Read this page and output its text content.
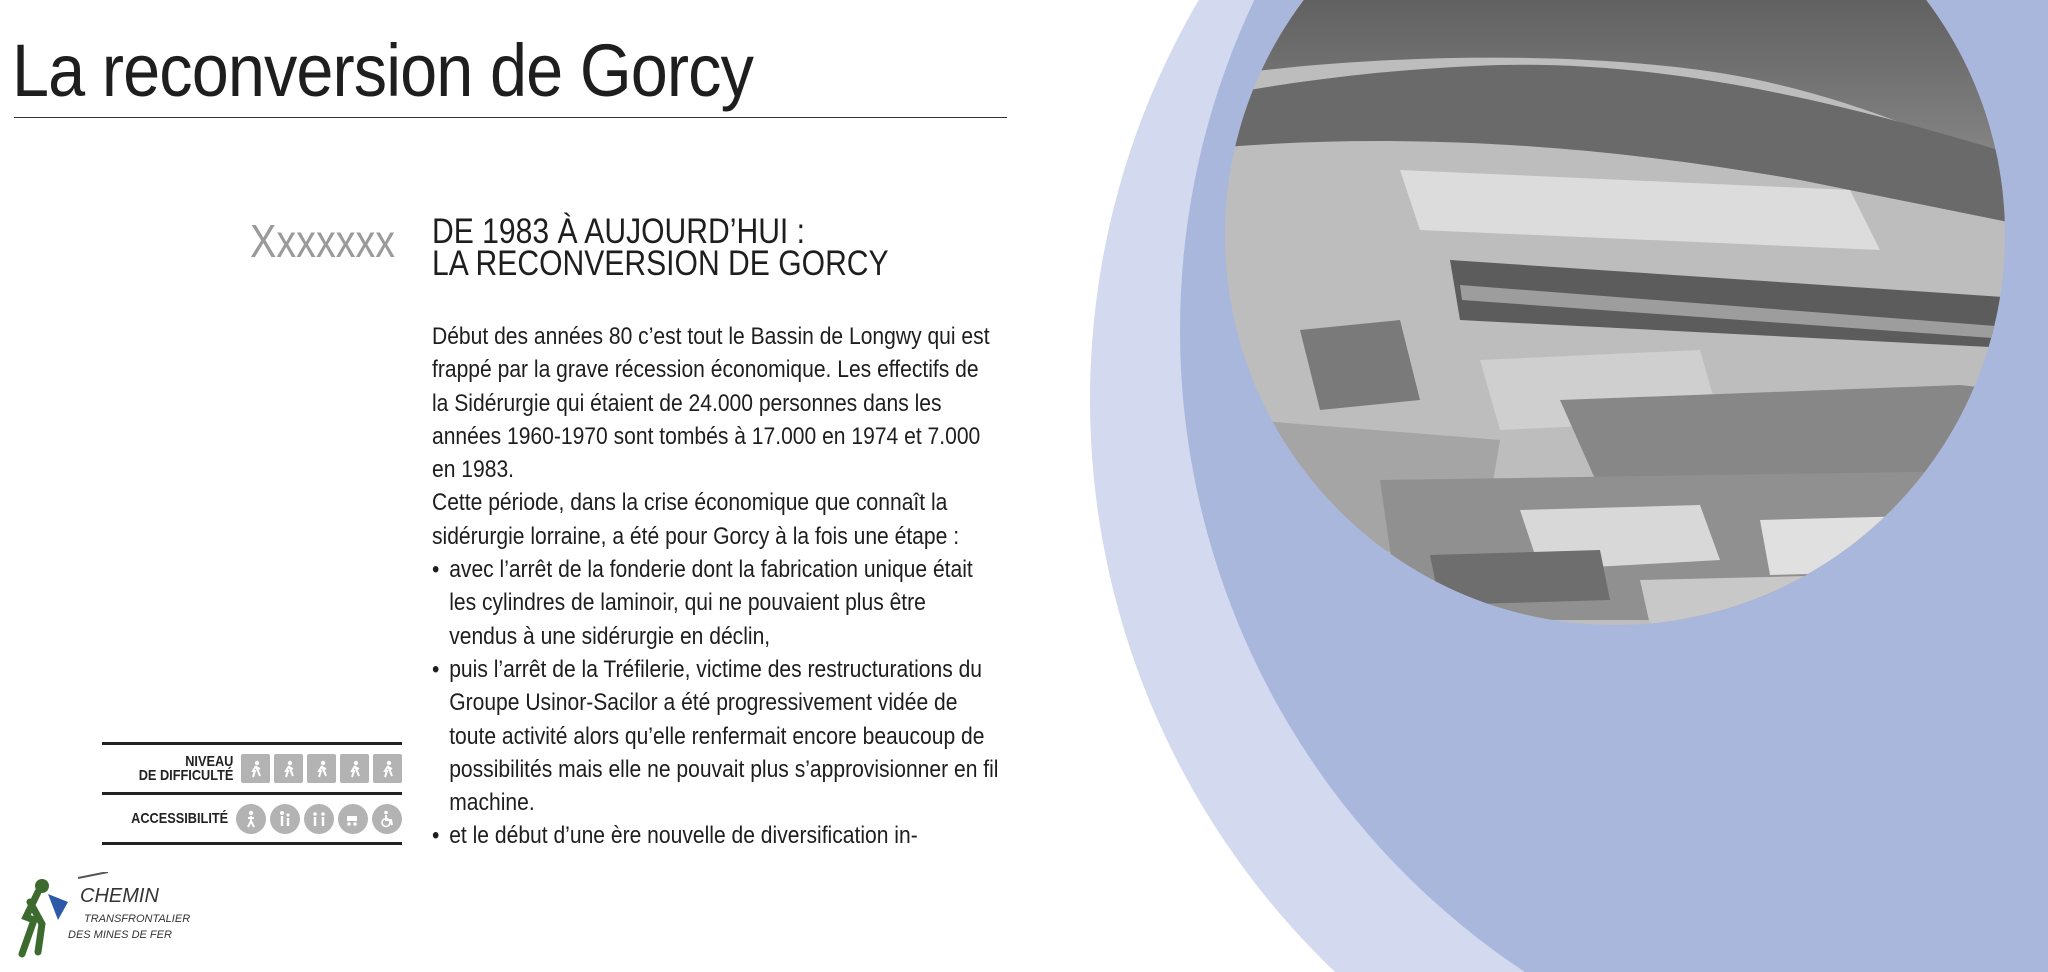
La reconversion de Gorcy
Xxxxxxx DE 1983 À AUJOURD’HUI :
LA RECONVERSION DE GORCY

Début des années 80 c’est tout le Bassin de Longwy qui est frappé par la grave récession économique. Les effectifs de la Sidérurgie qui étaient de 24.000 personnes dans les années 1960-1970 sont tombés à 17.000 en 1974 et 7.000 en 1983.

Cette période, dans la crise économique que connaît la sidérurgie lorraine, a été pour Gorcy à la fois une étape :

• avec l’arrêt de la fonderie dont la fabrication unique était les cylindres de laminoir, qui ne pouvaient plus être vendus à une sidérurgie en déclin,
• puis l’arrêt de la Tréfilerie, victime des restructurations du Groupe Usinor-Sacilor a été progressivement vidée de toute activité alors qu’elle renfermait encore beaucoup de possibilités mais elle ne pouvait plus s’approvisionner en fil machine.
• et le début d’une ère nouvelle de diversification in-
NIVEAU
DE DIFFICULTÉ
ACCESSIBILITÉ
CHEMIN
TRANSFRONTALIER
DES MINES DE FER
